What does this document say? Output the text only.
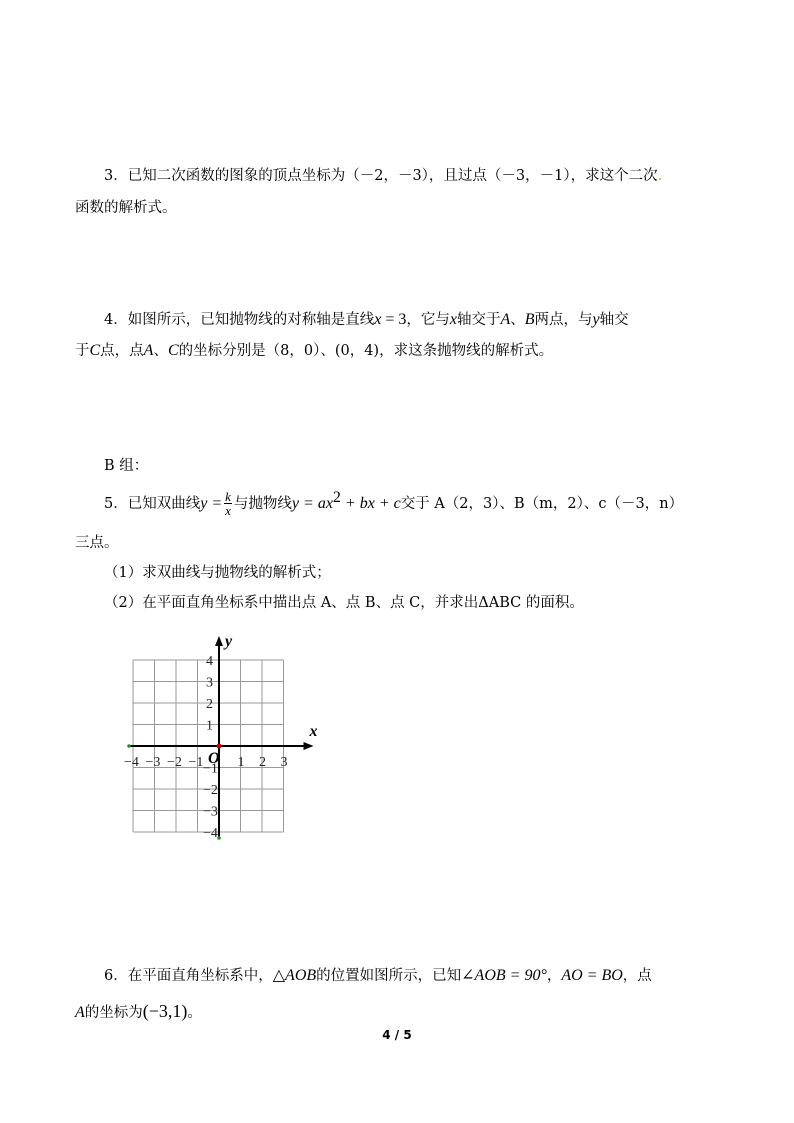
3．已知二次函数的图象的顶点坐标为（－2，－3），且过点（－3，－1），求这个二次.
函数的解析式。
4．如图所示，已知抛物线的对称轴是直线x = 3，它与x轴交于A、B两点，与y轴交
于C点，点A、C的坐标分别是（8，0）、(0，4)，求这条抛物线的解析式。
B 组：
5．已知双曲线$y = \frac{k}{x}$ 与抛物线$y = ax^2$ + bx + c交于 A（2，3）、B（m，2）、c（－3，n）
三点。
（1）求双曲线与抛物线的解析式；
（2）在平面直角坐标系中描出点 A、点 B、点 C，并求出ΔABC 的面积。
x
y
O
−4 −3 −2 −1 1 2 3
4
3
2
1
−1
−2
−3
−4
6．在平面直角坐标系中，△AOB的位置如图所示，已知∠AOB = 90°，AO = BO，点
A的坐标为(−3,1)。
4 / 5
